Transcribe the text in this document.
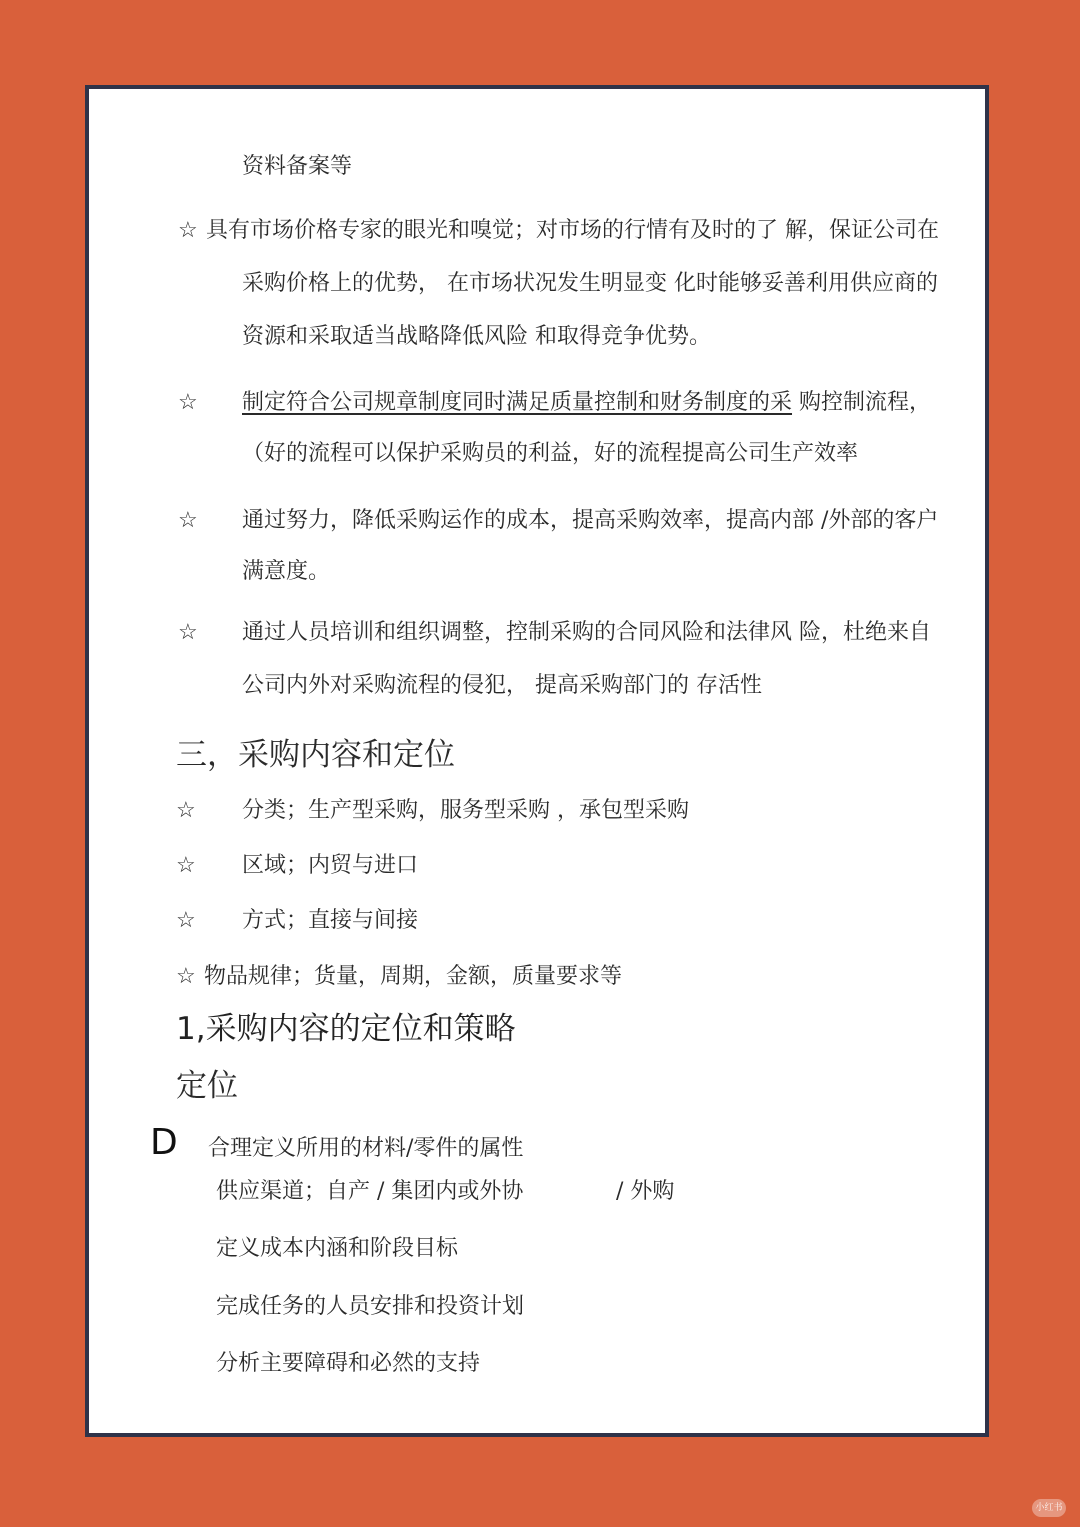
资料备案等
☆ 具有市场价格专家的眼光和嗅觉；对市场的行情有及时的了 解，保证公司在
采购价格上的优势， 在市场状况发生明显变 化时能够妥善利用供应商的
资源和采取适当战略降低风险 和取得竞争优势。
☆ 制定符合公司规章制度同时满足质量控制和财务制度的采 购控制流程，
（好的流程可以保护采购员的利益，好的流程提高公司生产效率
☆ 通过努力，降低采购运作的成本，提高采购效率，提高内部 /外部的客户
满意度。
☆ 通过人员培训和组织调整，控制采购的合同风险和法律风 险，杜绝来自
公司内外对采购流程的侵犯， 提高采购部门的 存活性
三，采购内容和定位
☆ 分类；生产型采购，服务型采购 ，承包型采购
☆ 区域；内贸与进口
☆ 方式；直接与间接
☆ 物品规律；货量，周期，金额，质量要求等
1,采购内容的定位和策略
定位
D 合理定义所用的材料/零件的属性
供应渠道；自产 / 集团内或外协	/ 外购
定义成本内涵和阶段目标
完成任务的人员安排和投资计划
分析主要障碍和必然的支持
小红书
